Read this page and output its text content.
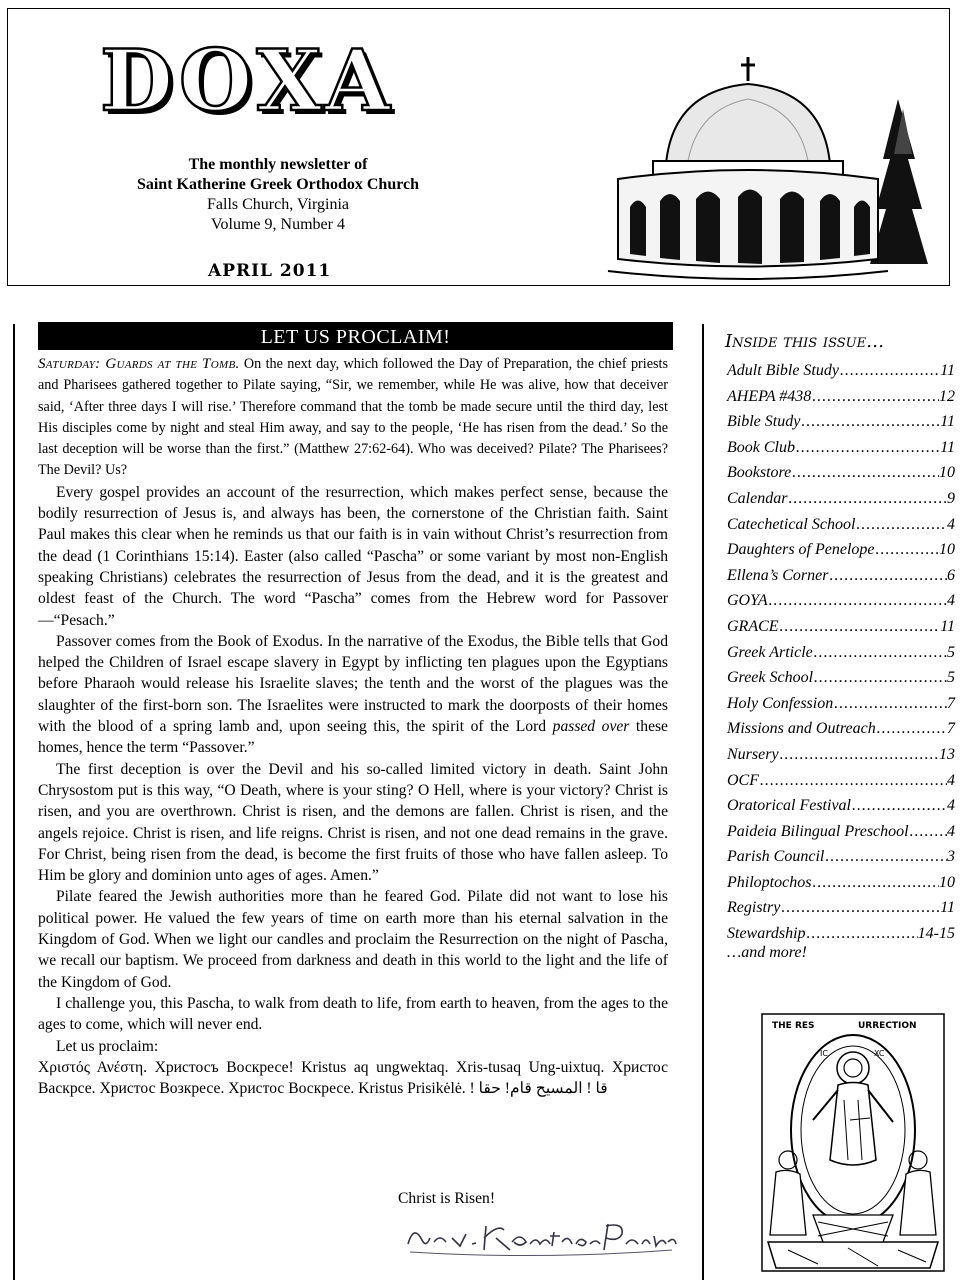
DOXA
The monthly newsletter of
Saint Katherine Greek Orthodox Church
Falls Church, Virginia
Volume 9, Number 4
APRIL 2011
LET US PROCLAIM!

Saturday: Guards at the Tomb. On the next day, which followed the Day of Preparation, the chief priests and Pharisees gathered together to Pilate saying, “Sir, we remember, while He was alive, how that deceiver said, ‘After three days I will rise.’ Therefore command that the tomb be made secure until the third day, lest His disciples come by night and steal Him away, and say to the people, ‘He has risen from the dead.’ So the last deception will be worse than the first.” (Matthew 27:62-64). Who was deceived? Pilate? The Pharisees? The Devil? Us?

Every gospel provides an account of the resurrection, which makes perfect sense, because the bodily resurrection of Jesus is, and always has been, the cornerstone of the Christian faith. Saint Paul makes this clear when he reminds us that our faith is in vain without Christ’s resurrection from the dead (1 Corinthians 15:14). Easter (also called “Pascha” or some variant by most non-English speaking Christians) celebrates the resurrection of Jesus from the dead, and it is the greatest and oldest feast of the Church. The word “Pascha” comes from the Hebrew word for Passover—“Pesach.”

Passover comes from the Book of Exodus. In the narrative of the Exodus, the Bible tells that God helped the Children of Israel escape slavery in Egypt by inflicting ten plagues upon the Egyptians before Pharaoh would release his Israelite slaves; the tenth and the worst of the plagues was the slaughter of the first-born son. The Israelites were instructed to mark the doorposts of their homes with the blood of a spring lamb and, upon seeing this, the spirit of the Lord passed over these homes, hence the term “Passover.”

The first deception is over the Devil and his so-called limited victory in death. Saint John Chrysostom put is this way, “O Death, where is your sting? O Hell, where is your victory? Christ is risen, and you are overthrown. Christ is risen, and the demons are fallen. Christ is risen, and the angels rejoice. Christ is risen, and life reigns. Christ is risen, and not one dead remains in the grave. For Christ, being risen from the dead, is become the first fruits of those who have fallen asleep. To Him be glory and dominion unto ages of ages. Amen.”

Pilate feared the Jewish authorities more than he feared God. Pilate did not want to lose his political power. He valued the few years of time on earth more than his eternal salvation in the Kingdom of God. When we light our candles and proclaim the Resurrection on the night of Pascha, we recall our baptism. We proceed from darkness and death in this world to the light and the life of the Kingdom of God.

I challenge you, this Pascha, to walk from death to life, from earth to heaven, from the ages to the ages to come, which will never end.

Let us proclaim:

Χριστός Ανέστη. Христосъ Воскресе! Kristus aq ungwektaq. Xris-tusaq Ung-uixtuq. Христос Васкрсе. Христос Возкресе. Христос Воскресе. Kristus Prisikėlė. ! قا ! المسيح قام! حقا

Christ is Risen!
Inside this issue…
Adult Bible Study .....	11
AHEPA #438 .....	12
Bible Study .....	11
Book Club .....	11
Bookstore .....	10
Calendar .....	9
Catechetical School .....	4
Daughters of Penelope .....	10
Ellena’s Corner .....	6
GOYA .....	4
GRACE .....	11
Greek Article .....	5
Greek School .....	5
Holy Confession .....	7
Missions and Outreach .....	7
Nursery .....	13
OCF .....	4
Oratorical Festival .....	4
Paideia Bilingual Preschool ..... 4
Parish Council .....	3
Philoptochos .....	10
Registry .....	11
Stewardship .....	14-15
…and more!
THE RES	URRECTION
IC	XC
